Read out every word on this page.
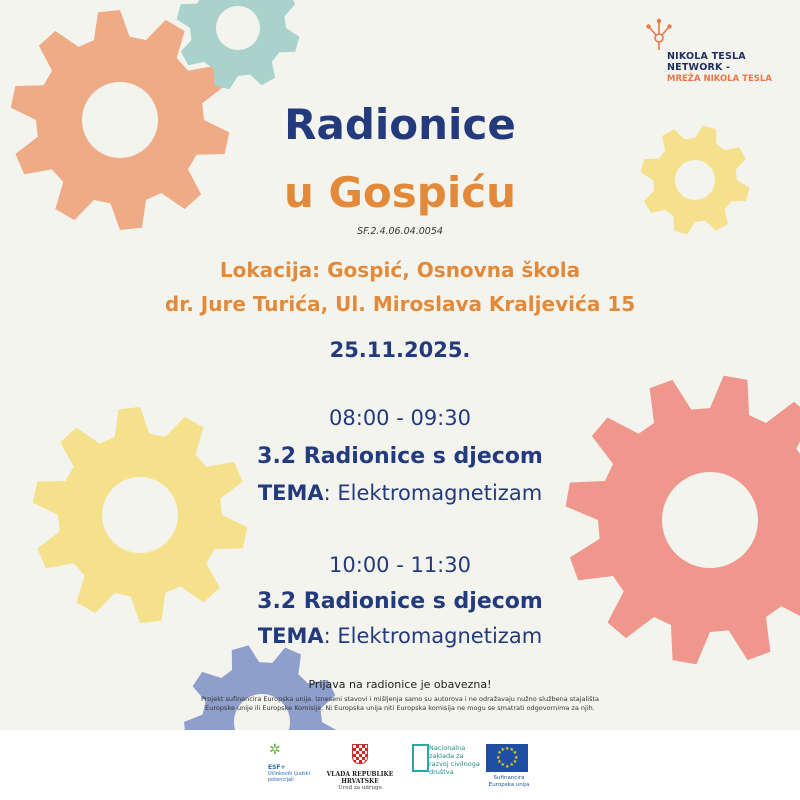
NIKOLA TESLA
NETWORK -
MREŽA NIKOLA TESLA
Radionice
u Gospiću
SF.2.4.06.04.0054
Lokacija: Gospić, Osnovna škola
dr. Jure Turića, Ul. Miroslava Kraljevića 15
25.11.2025.
08:00 - 09:30
3.2 Radionice s djecom
TEMA: Elektromagnetizam
10:00 - 11:30
3.2 Radionice s djecom
TEMA: Elektromagnetizam
Prijava na radionice je obavezna!
Projekt sufinancira Europska unija. Izneseni stavovi i mišljenja samo su autorova i ne odražavaju nužno službena stajališta Europske unije ili Europske Komisije. Ni Europska unija niti Europska komisija ne mogu se smatrati odgovornima za njih.
✲
ESF+
Učinkoviti ljudski potencijali
VLADA REPUBLIKE HRVATSKE
Ured za udruge
Nacionalna zaklada za razvoj civilnoga društva
★
★
★
★
★
★
★
★
★ ★ ★
★
Sufinancira Europska unija
